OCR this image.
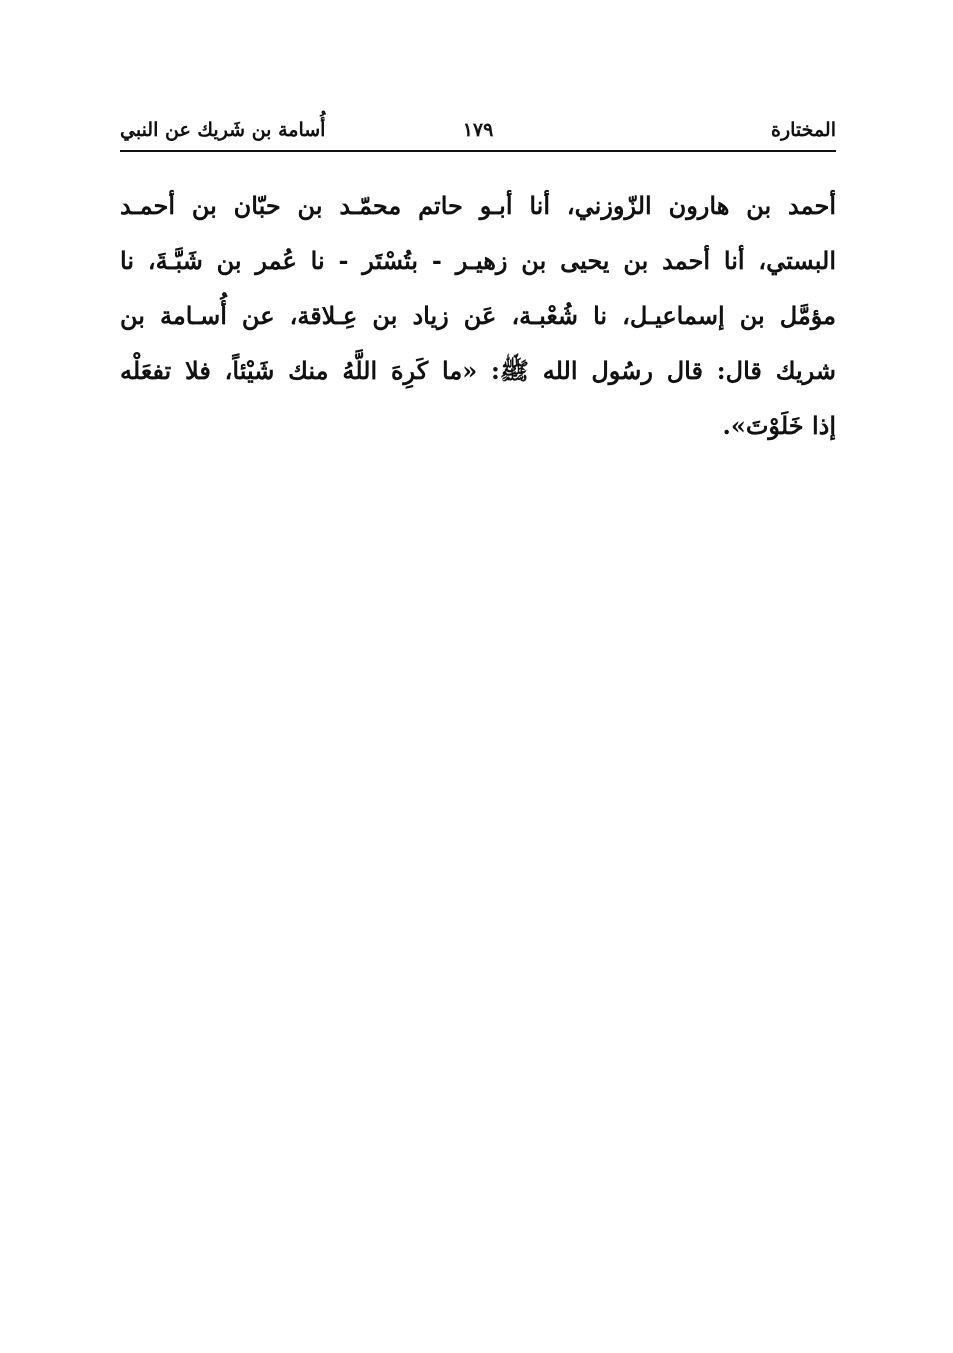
المختارة
١٧٩
أُسامة بن شَريك عن النبي
أحمد بن هارون الزّوزني، أنا أبـو حاتم محمّـد بن حبّان بن أحمـد
البستي، أنا أحمد بن يحيى بن زهيـر - بتُسْتَر - نا عُمر بن شَبَّـةَ، نا
مؤمَّل بن إسماعيـل، نا شُعْبـة، عَن زياد بن عِـلاقة، عن أُسـامة بن
شريك قال: قال رسُول الله ﷺ: «ما كَرِهَ اللَّهُ منك شَيْئاً، فلا تفعَلْه
إذا خَلَوْتَ».
